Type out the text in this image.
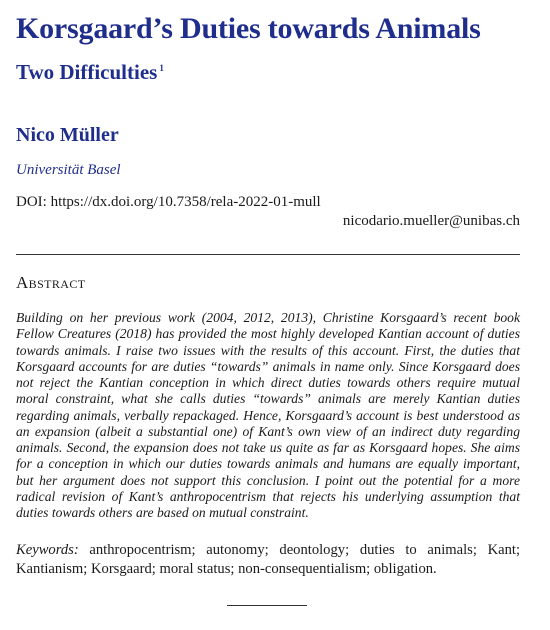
Korsgaard’s Duties towards Animals
Two Difficulties $^1$
Nico Müller
Universität Basel
DOI: https://dx.doi.org/10.7358/rela-2022-01-mull
nicodario.mueller@unibas.ch
Abstract

Building on her previous work (2004, 2012, 2013), Christine Korsgaard’s recent book Fellow Creatures (2018) has provided the most highly developed Kantian account of duties towards animals. I raise two issues with the results of this account. First, the duties that Korsgaard accounts for are duties “towards” animals in name only. Since Korsgaard does not reject the Kantian conception in which direct duties towards others require mutual moral constraint, what she calls duties “towards” animals are merely Kantian duties regarding animals, verbally repackaged. Hence, Korsgaard’s account is best understood as an expansion (albeit a substantial one) of Kant’s own view of an indirect duty regarding animals. Second, the expansion does not take us quite as far as Korsgaard hopes. She aims for a conception in which our duties towards animals and humans are equally important, but her argument does not support this conclusion. I point out the potential for a more radical revision of Kant’s anthropocentrism that rejects his underlying assumption that duties towards others are based on mutual constraint.

Keywords: anthropocentrism; autonomy; deontology; duties to animals; Kant; Kantianism; Korsgaard; moral status; non-consequentialism; obligation.
